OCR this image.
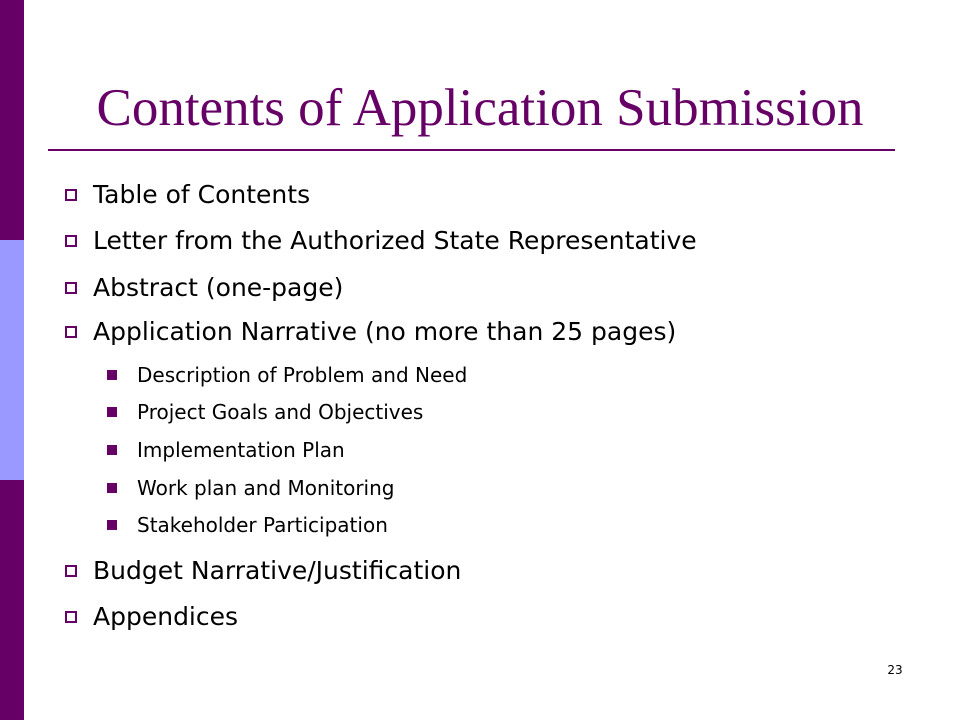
Contents of Application Submission
Table of Contents
Letter from the Authorized State Representative
Abstract (one-page)
Application Narrative (no more than 25 pages)
Description of Problem and Need
Project Goals and Objectives
Implementation Plan
Work plan and Monitoring
Stakeholder Participation
Budget Narrative/Justification
Appendices
23
